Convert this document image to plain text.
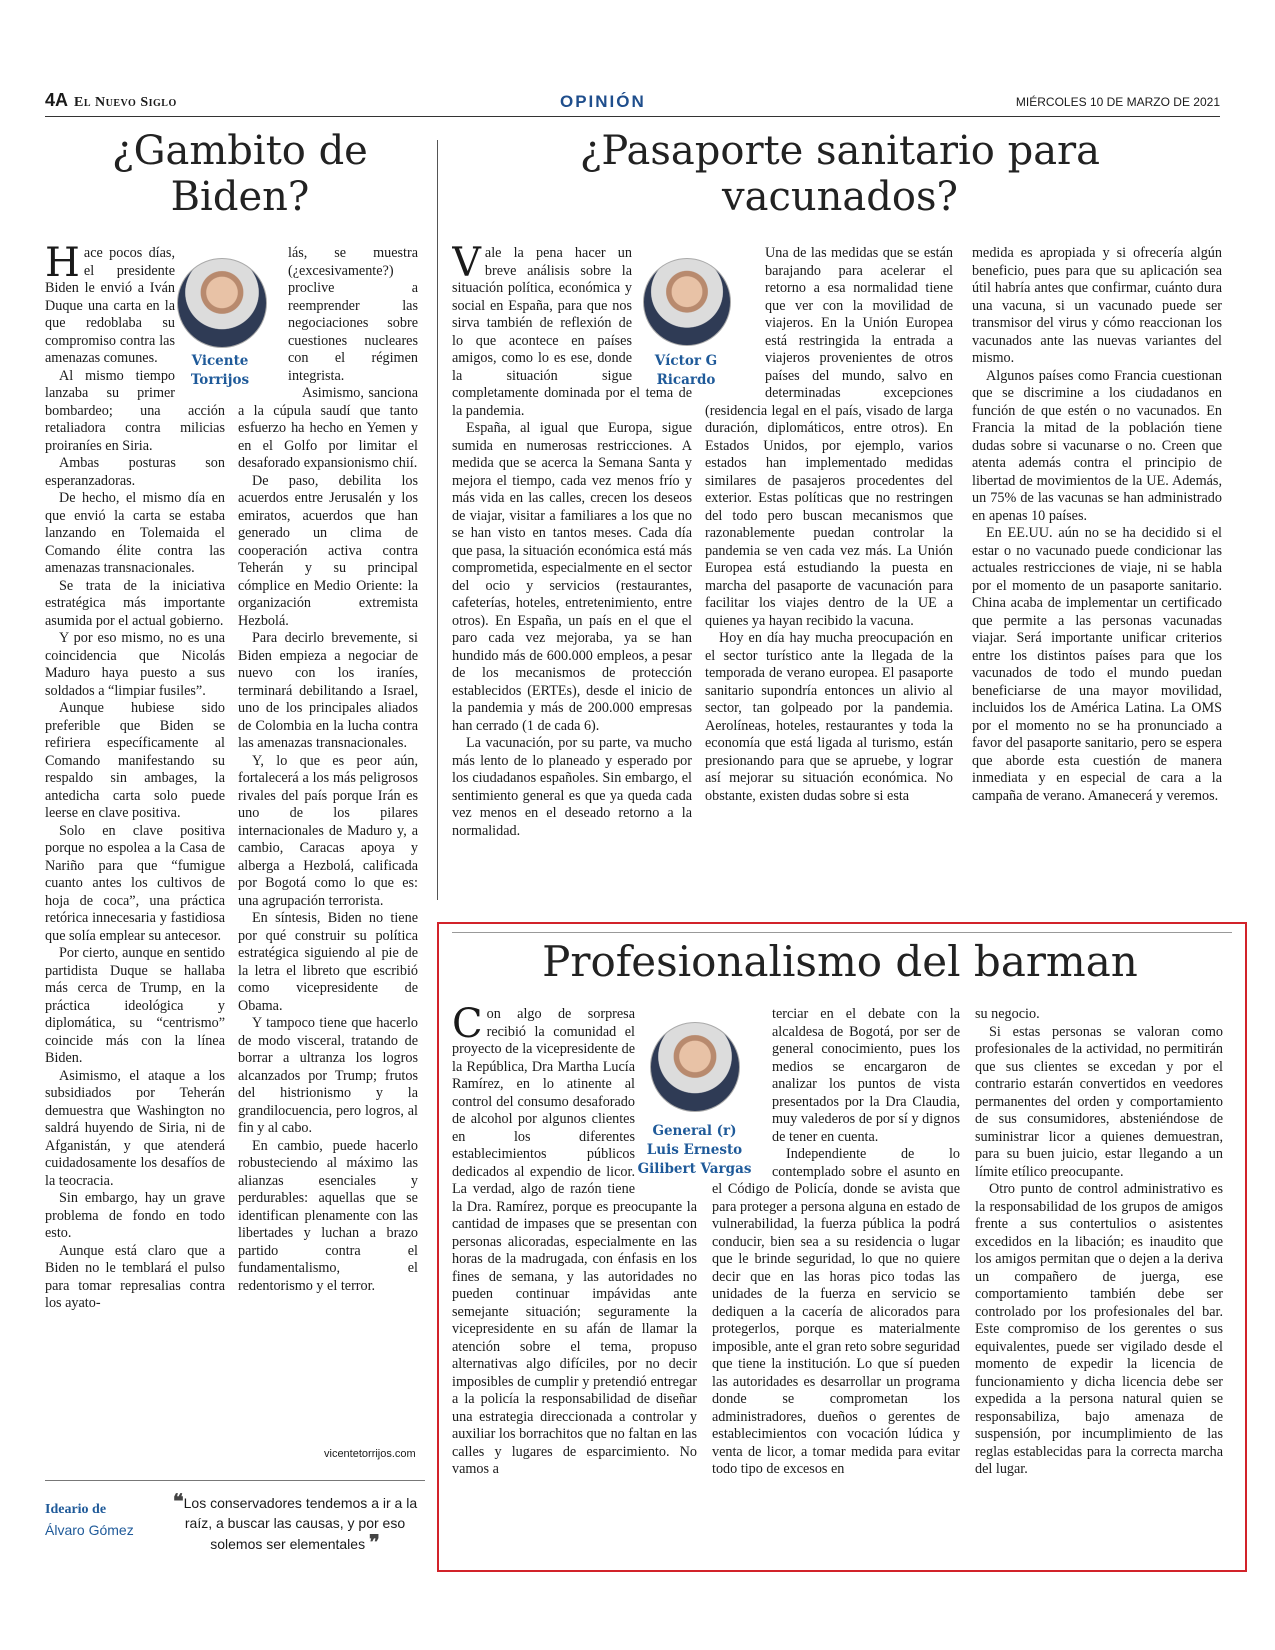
4A El Nuevo Siglo	OPINIÓN	MIÉRCOLES 10 DE MARZO DE 2021
¿Gambito de Biden?
Vicente
Torrijos

Hace pocos días, el presidente Biden le envió a Iván Duque una carta en la que redoblaba su compromiso contra las amenazas comunes.

Al mismo tiempo lanzaba su primer bombardeo; una acción retaliadora contra milicias proiraníes en Siria.

Ambas posturas son esperanzadoras.

De hecho, el mismo día en que envió la carta se estaba lanzando en Tolemaida el Comando élite contra las amenazas transnacionales.

Se trata de la iniciativa estratégica más importante asumida por el actual gobierno.

Y por eso mismo, no es una coincidencia que Nicolás Maduro haya puesto a sus soldados a “limpiar fusiles”.

Aunque hubiese sido preferible que Biden se refiriera específicamente al Comando manifestando su respaldo sin ambages, la antedicha carta solo puede leerse en clave positiva.

Solo en clave positiva porque no espolea a la Casa de Nariño para que “fumigue cuanto antes los cultivos de hoja de coca”, una práctica retórica innecesaria y fastidiosa que solía emplear su antecesor.

Por cierto, aunque en sentido partidista Duque se hallaba más cerca de Trump, en la práctica ideológica y diplomática, su “centrismo” coincide más con la línea Biden.

Asimismo, el ataque a los subsidiados por Teherán demuestra que Washington no saldrá huyendo de Siria, ni de Afganistán, y que atenderá cuidadosamente los desafíos de la teocracia.

Sin embargo, hay un grave problema de fondo en todo esto.

Aunque está claro que a Biden no le temblará el pulso para tomar represalias contra los ayato-

lás, se muestra (¿excesivamente?) proclive a reemprender las negociaciones sobre cuestiones nucleares con el régimen integrista.

Asimismo, sanciona a la cúpula saudí que tanto esfuerzo ha hecho en Yemen y en el Golfo por limitar el desaforado expansionismo chií.

De paso, debilita los acuerdos entre Jerusalén y los emiratos, acuerdos que han generado un clima de cooperación activa contra Teherán y su principal cómplice en Medio Oriente: la organización extremista Hezbolá.

Para decirlo brevemente, si Biden empieza a negociar de nuevo con los iraníes, terminará debilitando a Israel, uno de los principales aliados de Colombia en la lucha contra las amenazas transnacionales.

Y, lo que es peor aún, fortalecerá a los más peligrosos rivales del país porque Irán es uno de los pilares internacionales de Maduro y, a cambio, Caracas apoya y alberga a Hezbolá, calificada por Bogotá como lo que es: una agrupación terrorista.

En síntesis, Biden no tiene por qué construir su política estratégica siguiendo al pie de la letra el libreto que escribió como vicepresidente de Obama.

Y tampoco tiene que hacerlo de modo visceral, tratando de borrar a ultranza los logros alcanzados por Trump; frutos del histrionismo y la grandilocuencia, pero logros, al fin y al cabo.

En cambio, puede hacerlo robusteciendo al máximo las alianzas esenciales y perdurables: aquellas que se identifican plenamente con las libertades y luchan a brazo partido contra el fundamentalismo, el redentorismo y el terror.

vicentetorrijos.com
Ideario de
Álvaro Gómez
❝Los conservadores tendemos a ir a la raíz, a buscar las causas, y por eso solemos ser elementales ❞
¿Pasaporte sanitario para vacunados?
Víctor G
Ricardo

Vale la pena hacer un breve análisis sobre la situación política, económica y social en España, para que nos sirva también de reflexión de lo que acontece en países amigos, como lo es ese, donde la situación sigue completamente dominada por el tema de la pandemia.

España, al igual que Europa, sigue sumida en numerosas restricciones. A medida que se acerca la Semana Santa y mejora el tiempo, cada vez menos frío y más vida en las calles, crecen los deseos de viajar, visitar a familiares a los que no se han visto en tantos meses. Cada día que pasa, la situación económica está más comprometida, especialmente en el sector del ocio y servicios (restaurantes, cafeterías, hoteles, entretenimiento, entre otros). En España, un país en el que el paro cada vez mejoraba, ya se han hundido más de 600.000 empleos, a pesar de los mecanismos de protección establecidos (ERTEs), desde el inicio de la pandemia y más de 200.000 empresas han cerrado (1 de cada 6).

La vacunación, por su parte, va mucho más lento de lo planeado y esperado por los ciudadanos españoles. Sin embargo, el sentimiento general es que ya queda cada vez menos en el deseado retorno a la normalidad.

Una de las medidas que se están barajando para acelerar el retorno a esa normalidad tiene que ver con la movilidad de viajeros. En la Unión Europea está restringida la entrada a viajeros provenientes de otros países del mundo, salvo en determinadas excepciones (residencia legal en el país, visado de larga duración, diplomáticos, entre otros). En Estados Unidos, por ejemplo, varios estados han implementado medidas similares de pasajeros procedentes del exterior. Estas políticas que no restringen del todo pero buscan mecanismos que razonablemente puedan controlar la pandemia se ven cada vez más. La Unión Europea está estudiando la puesta en marcha del pasaporte de vacunación para facilitar los viajes dentro de la UE a quienes ya hayan recibido la vacuna.

Hoy en día hay mucha preocupación en el sector turístico ante la llegada de la temporada de verano europea. El pasaporte sanitario supondría entonces un alivio al sector, tan golpeado por la pandemia. Aerolíneas, hoteles, restaurantes y toda la economía que está ligada al turismo, están presionando para que se apruebe, y lograr así mejorar su situación económica. No obstante, existen dudas sobre si esta

medida es apropiada y si ofrecería algún beneficio, pues para que su aplicación sea útil habría antes que confirmar, cuánto dura una vacuna, si un vacunado puede ser transmisor del virus y cómo reaccionan los vacunados ante las nuevas variantes del mismo.

Algunos países como Francia cuestionan que se discrimine a los ciudadanos en función de que estén o no vacunados. En Francia la mitad de la población tiene dudas sobre si vacunarse o no. Creen que atenta además contra el principio de libertad de movimientos de la UE. Además, un 75% de las vacunas se han administrado en apenas 10 países.

En EE.UU. aún no se ha decidido si el estar o no vacunado puede condicionar las actuales restricciones de viaje, ni se habla por el momento de un pasaporte sanitario. China acaba de implementar un certificado que permite a las personas vacunadas viajar. Será importante unificar criterios entre los distintos países para que los vacunados de todo el mundo puedan beneficiarse de una mayor movilidad, incluidos los de América Latina. La OMS por el momento no se ha pronunciado a favor del pasaporte sanitario, pero se espera que aborde esta cuestión de manera inmediata y en especial de cara a la campaña de verano. Amanecerá y veremos.

Profesionalismo del barman
General (r)
Luis Ernesto
Gilibert Vargas

Con algo de sorpresa recibió la comunidad el proyecto de la vicepresidente de la República, Dra Martha Lucía Ramírez, en lo atinente al control del consumo desaforado de alcohol por algunos clientes en los diferentes establecimientos públicos dedicados al expendio de licor. La verdad, algo de razón tiene la Dra. Ramírez, porque es preocupante la cantidad de impases que se presentan con personas alicoradas, especialmente en las horas de la madrugada, con énfasis en los fines de semana, y las autoridades no pueden continuar impávidas ante semejante situación; seguramente la vicepresidente en su afán de llamar la atención sobre el tema, propuso alternativas algo difíciles, por no decir imposibles de cumplir y pretendió entregar a la policía la responsabilidad de diseñar una estrategia direccionada a controlar y auxiliar los borrachitos que no faltan en las calles y lugares de esparcimiento. No vamos a

terciar en el debate con la alcaldesa de Bogotá, por ser de general conocimiento, pues los medios se encargaron de analizar los puntos de vista presentados por la Dra Claudia, muy valederos de por sí y dignos de tener en cuenta.

Independiente de lo contemplado sobre el asunto en el Código de Policía, donde se avista que para proteger a persona alguna en estado de vulnerabilidad, la fuerza pública la podrá conducir, bien sea a su residencia o lugar que le brinde seguridad, lo que no quiere decir que en las horas pico todas las unidades de la fuerza en servicio se dediquen a la cacería de alicorados para protegerlos, porque es materialmente imposible, ante el gran reto sobre seguridad que tiene la institución. Lo que sí pueden las autoridades es desarrollar un programa donde se comprometan los administradores, dueños o gerentes de establecimientos con vocación lúdica y venta de licor, a tomar medida para evitar todo tipo de excesos en

su negocio.

Si estas personas se valoran como profesionales de la actividad, no permitirán que sus clientes se excedan y por el contrario estarán convertidos en veedores permanentes del orden y comportamiento de sus consumidores, absteniéndose de suministrar licor a quienes demuestran, para su buen juicio, estar llegando a un límite etílico preocupante.

Otro punto de control administrativo es la responsabilidad de los grupos de amigos frente a sus contertulios o asistentes excedidos en la libación; es inaudito que los amigos permitan que o dejen a la deriva un compañero de juerga, ese comportamiento también debe ser controlado por los profesionales del bar. Este compromiso de los gerentes o sus equivalentes, puede ser vigilado desde el momento de expedir la licencia de funcionamiento y dicha licencia debe ser expedida a la persona natural quien se responsabiliza, bajo amenaza de suspensión, por incumplimiento de las reglas establecidas para la correcta marcha del lugar.
